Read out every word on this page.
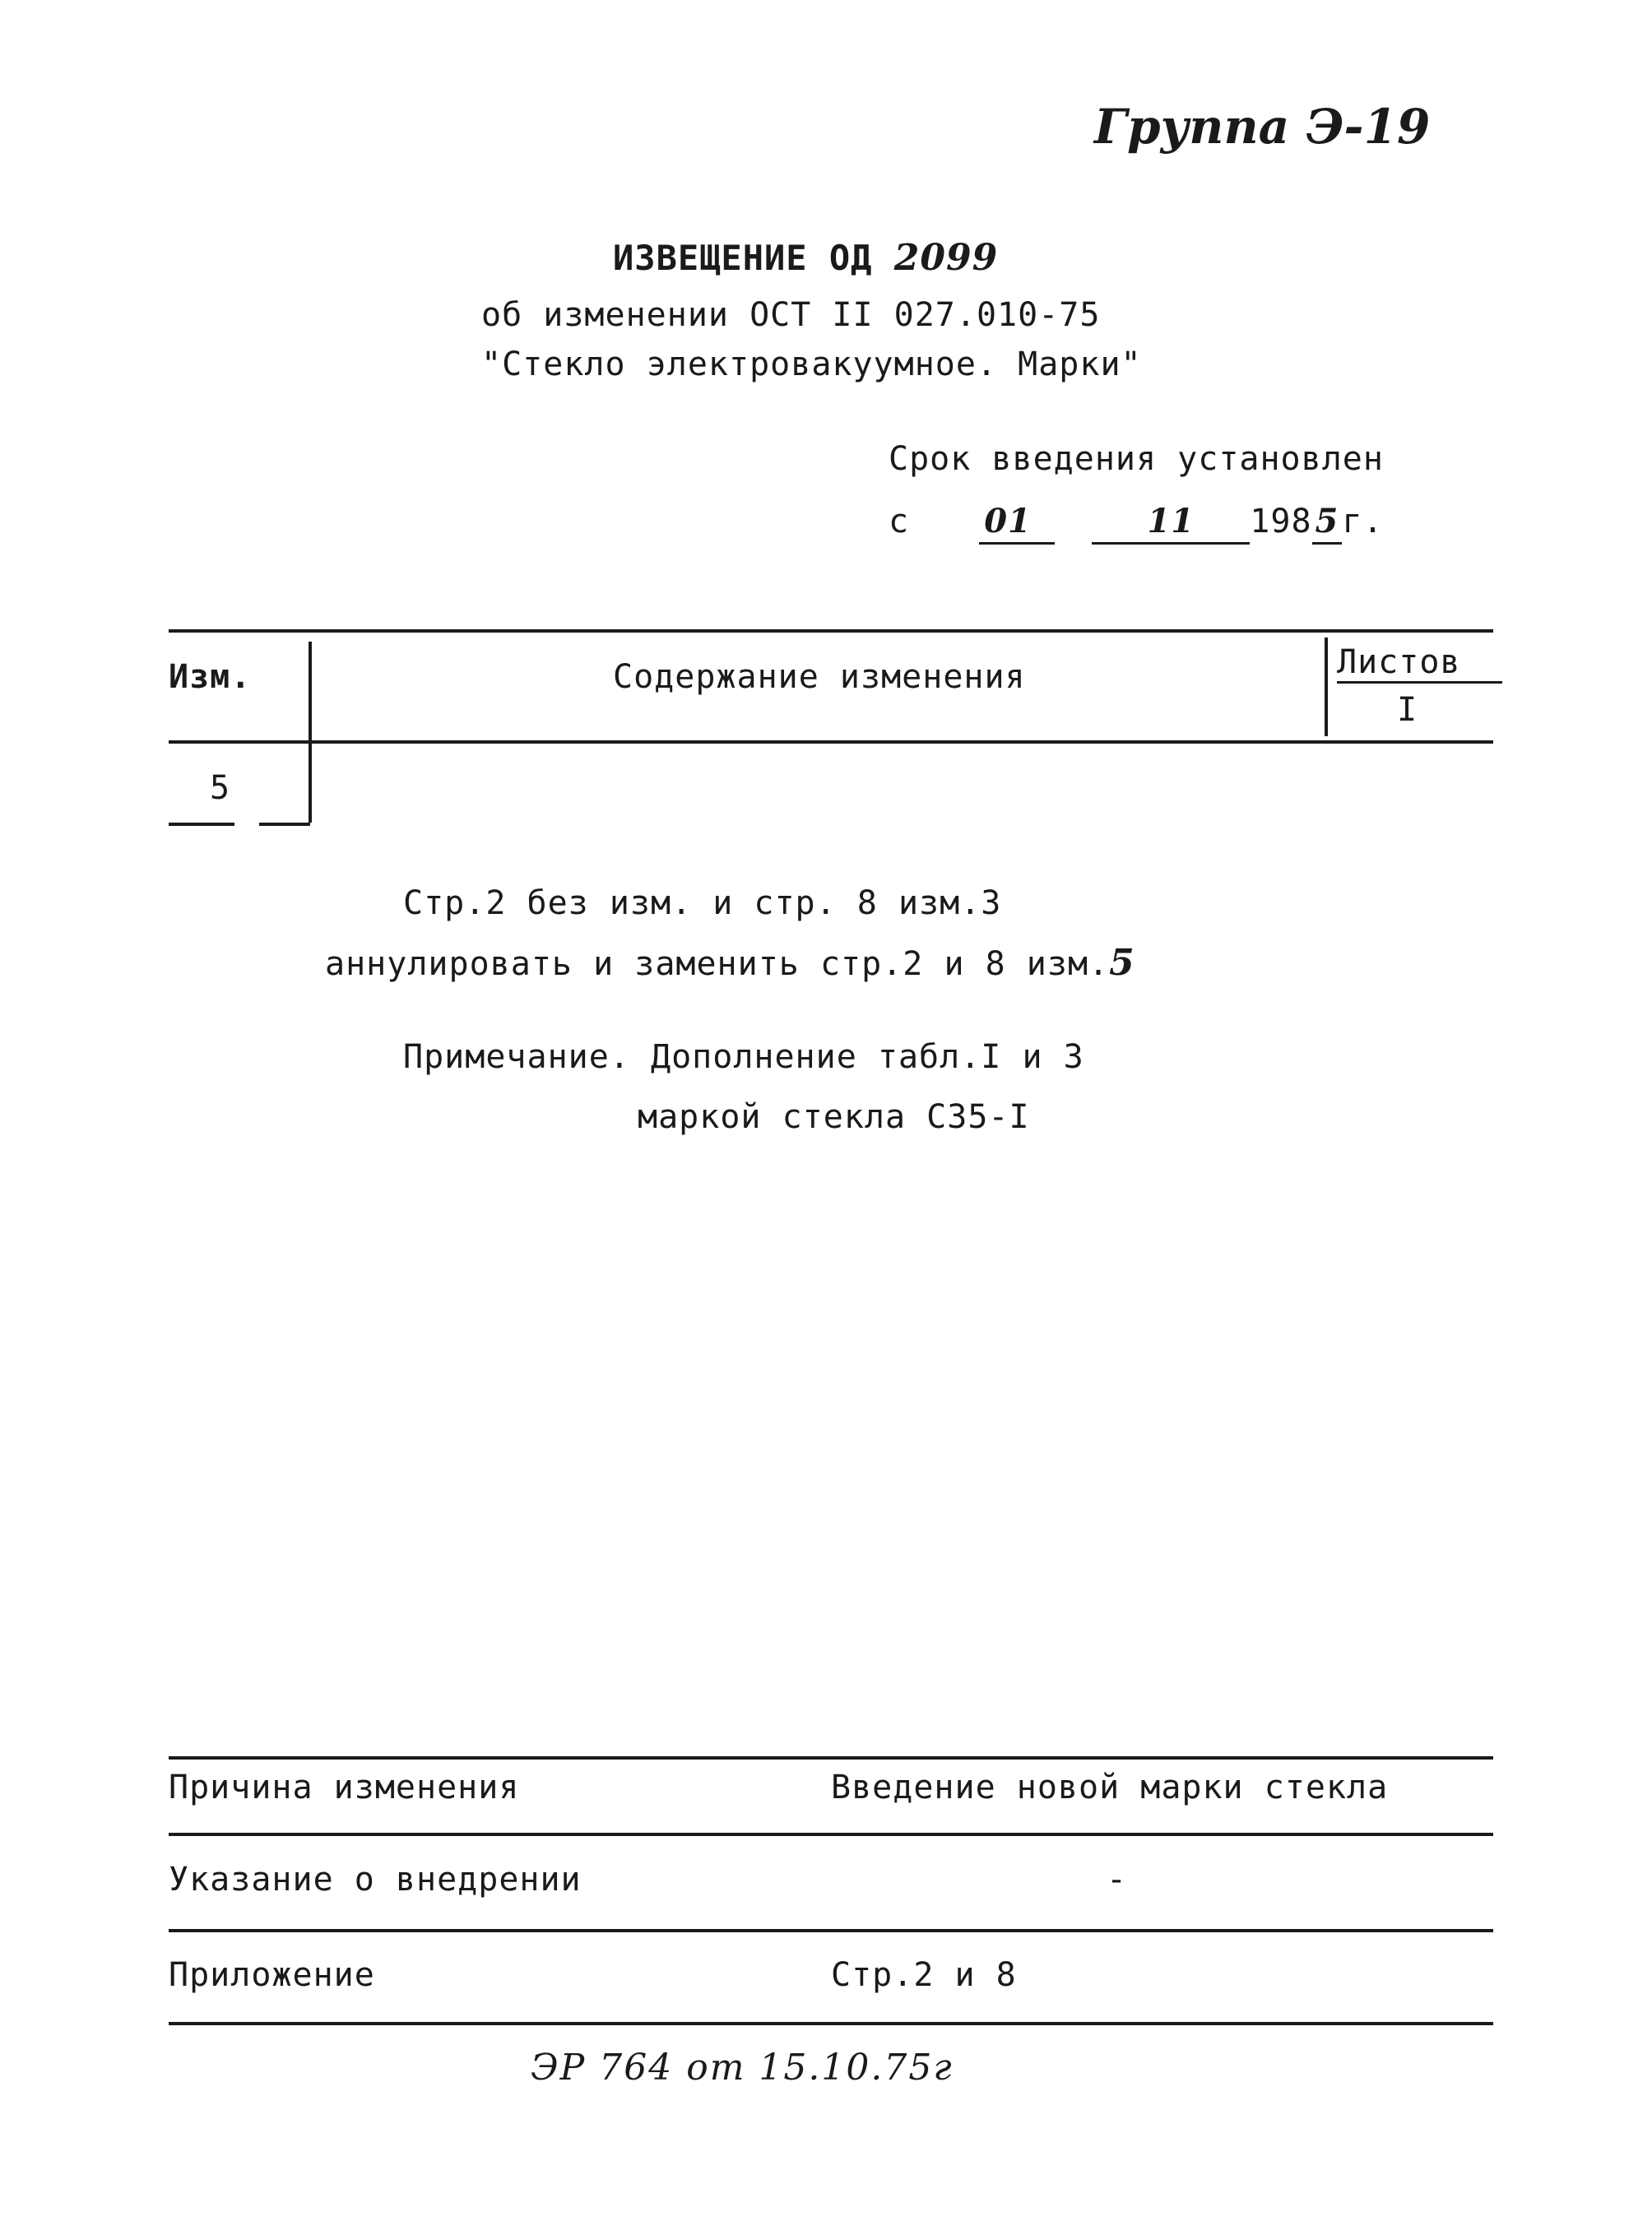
Группа Э-19
ИЗВЕЩЕНИЕ ОД 2099
об изменении ОСТ II 027.010-75
"Стекло электровакуумное. Марки"
Срок введения установлен
с 01	11 198 5 г.
Изм.	Содержание изменения	Листов
I
5
Стр.2 без изм. и стр. 8 изм.3
аннулировать и заменить стр.2 и 8 изм.5
Примечание. Дополнение табл.I и 3
маркой стекла С35-I
Причина изменения	Введение новой марки стекла
Указание о внедрении	-
Приложение	Стр.2 и 8
ЭР 764 от 15.10.75г
